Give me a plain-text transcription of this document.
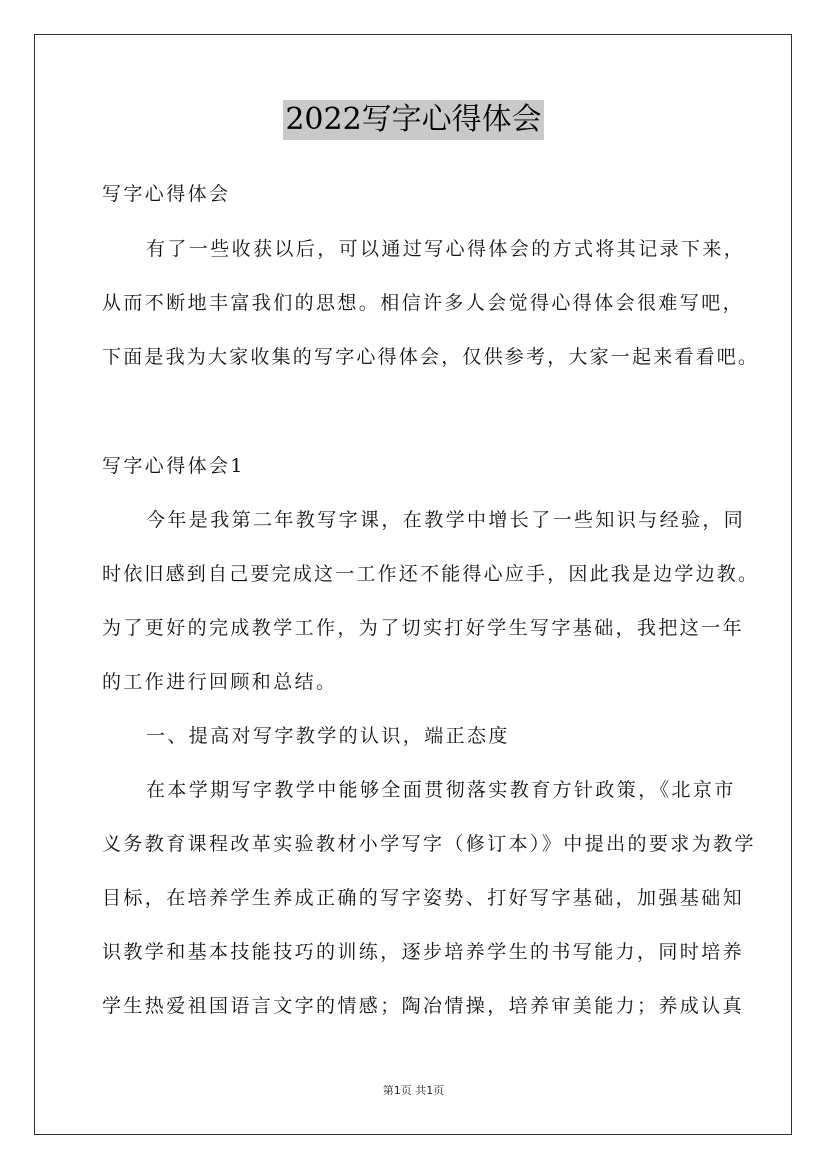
2022写字心得体会
写字心得体会
有了一些收获以后，可以通过写心得体会的方式将其记录下来，
从而不断地丰富我们的思想。相信许多人会觉得心得体会很难写吧，
下面是我为大家收集的写字心得体会，仅供参考，大家一起来看看吧。
写字心得体会1
今年是我第二年教写字课，在教学中增长了一些知识与经验，同
时依旧感到自己要完成这一工作还不能得心应手，因此我是边学边教。
为了更好的完成教学工作，为了切实打好学生写字基础，我把这一年
的工作进行回顾和总结。
一、提高对写字教学的认识，端正态度
在本学期写字教学中能够全面贯彻落实教育方针政策，《北京市
义务教育课程改革实验教材小学写字（修订本）》中提出的要求为教学
目标，在培养学生养成正确的写字姿势、打好写字基础，加强基础知
识教学和基本技能技巧的训练，逐步培养学生的书写能力，同时培养
学生热爱祖国语言文字的情感；陶冶情操，培养审美能力；养成认真
第1页 共1页
